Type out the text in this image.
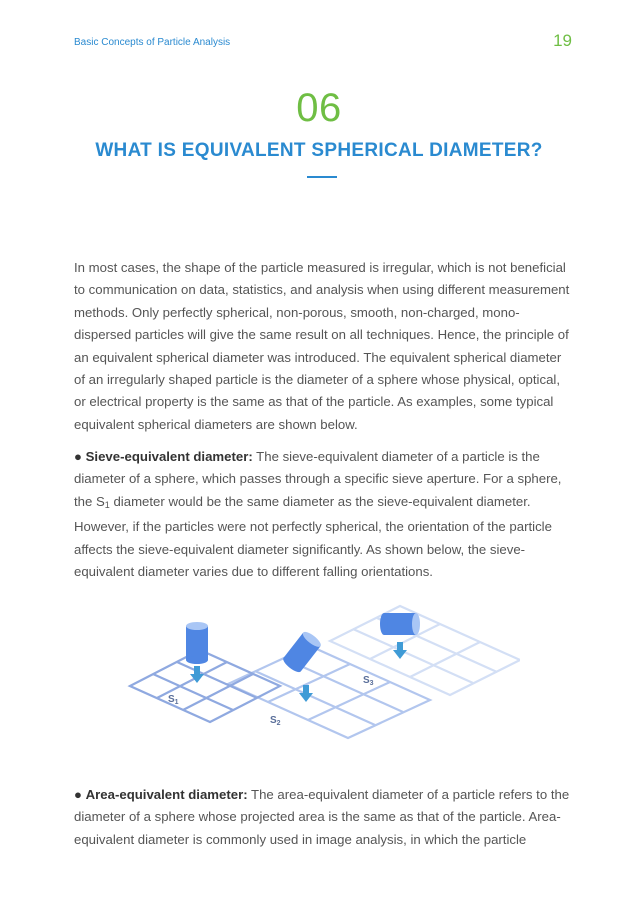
Basic Concepts of Particle Analysis	19
06
WHAT IS EQUIVALENT SPHERICAL DIAMETER?

In most cases, the shape of the particle measured is irregular, which is not beneficial to communication on data, statistics, and analysis when using different measurement methods. Only perfectly spherical, non-porous, smooth, non-charged, mono-dispersed particles will give the same result on all techniques. Hence, the principle of an equivalent spherical diameter was introduced. The equivalent spherical diameter of an irregularly shaped particle is the diameter of a sphere whose physical, optical, or electrical property is the same as that of the particle. As examples, some typical equivalent spherical diameters are shown below.

● Sieve-equivalent diameter: The sieve-equivalent diameter of a particle is the diameter of a sphere, which passes through a specific sieve aperture. For a sphere, the $S_1$ diameter would be the same diameter as the sieve-equivalent diameter. However, if the particles were not perfectly spherical, the orientation of the particle affects the sieve-equivalent diameter significantly. As shown below, the sieve-equivalent diameter varies due to different falling orientations.

$S_1$
$S_2$
$S_3$

● Area-equivalent diameter: The area-equivalent diameter of a particle refers to the diameter of a sphere whose projected area is the same as that of the particle. Area-equivalent diameter is commonly used in image analysis, in which the particle
